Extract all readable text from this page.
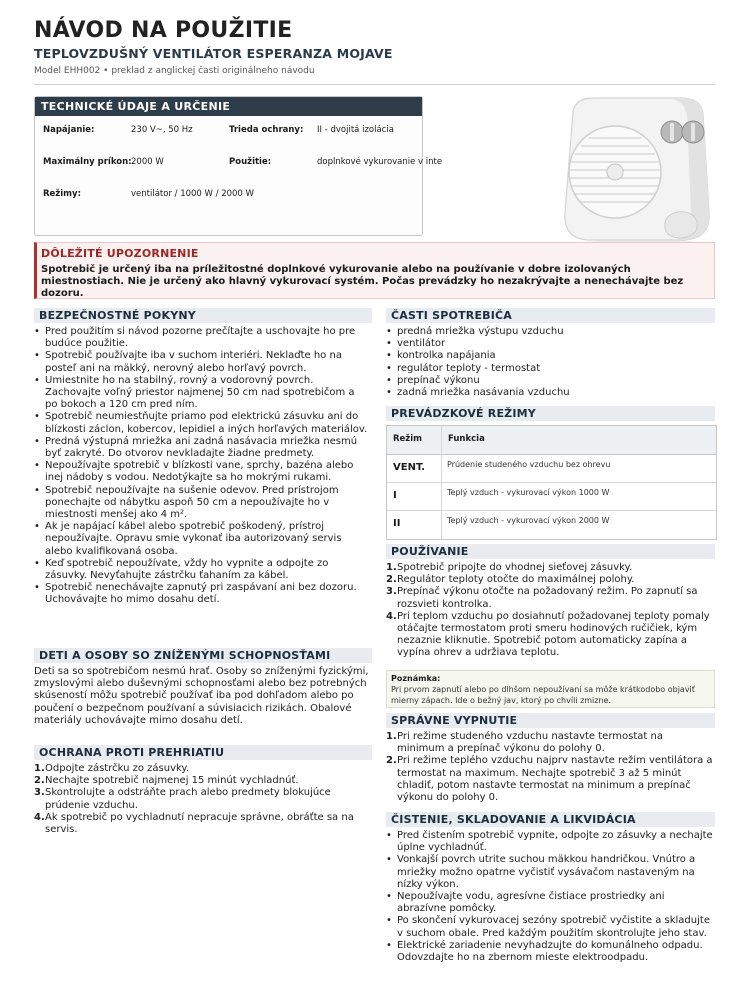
NÁVOD NA POUŽITIE
TEPLOVZDUŠNÝ VENTILÁTOR ESPERANZA MOJAVE
Model EHH002 • preklad z anglickej časti originálneho návodu
TECHNICKÉ ÚDAJE A URČENIE
Napájanie:	230 V~, 50 Hz	Trieda ochrany: II - dvojitá izolácia
Maximálny príkon: 2000 W	Použitie:	doplnkové vykurovanie v inte
Režimy:	ventilátor / 1000 W / 2000 W
DÔLEŽITÉ UPOZORNENIE
Spotrebič je určený iba na príležitostné doplnkové vykurovanie alebo na používanie v dobre izolovaných miestnostiach. Nie je určený ako hlavný vykurovací systém. Počas prevádzky ho nezakrývajte a nenechávajte bez dozoru.
BEZPEČNOSTNÉ POKYNY
• Pred použitím si návod pozorne prečítajte a uschovajte ho pre budúce použitie.
• Spotrebič používajte iba v suchom interiéri. Neklaďte ho na posteľ ani na mäkký, nerovný alebo horľavý povrch.
• Umiestnite ho na stabilný, rovný a vodorovný povrch. Zachovajte voľný priestor najmenej 50 cm nad spotrebičom a po bokoch a 120 cm pred ním.
• Spotrebič neumiestňujte priamo pod elektrickú zásuvku ani do blízkosti záclon, kobercov, lepidiel a iných horľavých materiálov.
• Predná výstupná mriežka ani zadná nasávacia mriežka nesmú byť zakryté. Do otvorov nevkladajte žiadne predmety.
• Nepoužívajte spotrebič v blízkosti vane, sprchy, bazéna alebo inej nádoby s vodou. Nedotýkajte sa ho mokrými rukami.
• Spotrebič nepoužívajte na sušenie odevov. Pred prístrojom ponechajte od nábytku aspoň 50 cm a nepoužívajte ho v miestnosti menšej ako 4 m².
• Ak je napájací kábel alebo spotrebič poškodený, prístroj nepoužívajte. Opravu smie vykonať iba autorizovaný servis alebo kvalifikovaná osoba.
• Keď spotrebič nepoužívate, vždy ho vypnite a odpojte zo zásuvky. Nevyťahujte zástrčku ťahaním za kábel.
• Spotrebič nenechávajte zapnutý pri zaspávaní ani bez dozoru. Uchovávajte ho mimo dosahu detí.
DETI A OSOBY SO ZNÍŽENÝMI SCHOPNOSŤAMI

Deti sa so spotrebičom nesmú hrať. Osoby so zníženými fyzickými, zmyslovými alebo duševnými schopnosťami alebo bez potrebných skúseností môžu spotrebič používať iba pod dohľadom alebo po poučení o bezpečnom používaní a súvisiacich rizikách. Obalové materiály uchovávajte mimo dosahu detí.

OCHRANA PROTI PREHRIATIU
1. Odpojte zástrčku zo zásuvky.
2. Nechajte spotrebič najmenej 15 minút vychladnúť.
3. Skontrolujte a odstráňte prach alebo predmety blokujúce prúdenie vzduchu.
4. Ak spotrebič po vychladnutí nepracuje správne, obráťte sa na servis.
ČASTI SPOTREBIČA
• predná mriežka výstupu vzduchu
• ventilátor
• kontrolka napájania
• regulátor teploty - termostat
• prepínač výkonu
• zadná mriežka nasávania vzduchu
PREVÁDZKOVÉ REŽIMY
Režim	Funkcia
VENT.	Prúdenie studeného vzduchu bez ohrevu
I	Teplý vzduch - vykurovací výkon 1000 W
II	Teplý vzduch - vykurovací výkon 2000 W
POUŽÍVANIE
1. Spotrebič pripojte do vhodnej sieťovej zásuvky.
2. Regulátor teploty otočte do maximálnej polohy.
3. Prepínač výkonu otočte na požadovaný režim. Po zapnutí sa rozsvieti kontrolka.
4. Pri teplom vzduchu po dosiahnutí požadovanej teploty pomaly otáčajte termostatom proti smeru hodinových ručičiek, kým nezaznie kliknutie. Spotrebič potom automaticky zapína a vypína ohrev a udržiava teplotu.
Poznámka:
Pri prvom zapnutí alebo po dlhšom nepoužívaní sa môže krátkodobo objaviť mierny zápach. Ide o bežný jav, ktorý po chvíli zmizne.
SPRÁVNE VYPNUTIE
1. Pri režime studeného vzduchu nastavte termostat na minimum a prepínač výkonu do polohy 0.
2. Pri režime teplého vzduchu najprv nastavte režim ventilátora a termostat na maximum. Nechajte spotrebič 3 až 5 minút chladiť, potom nastavte termostat na minimum a prepínač výkonu do polohy 0.
ČISTENIE, SKLADOVANIE A LIKVIDÁCIA
• Pred čistením spotrebič vypnite, odpojte zo zásuvky a nechajte úplne vychladnúť.
• Vonkajší povrch utrite suchou mäkkou handričkou. Vnútro a mriežky možno opatrne vyčistiť vysávačom nastaveným na nízky výkon.
• Nepoužívajte vodu, agresívne čistiace prostriedky ani abrazívne pomôcky.
• Po skončení vykurovacej sezóny spotrebič vyčistite a skladujte v suchom obale. Pred každým použitím skontrolujte jeho stav.
• Elektrické zariadenie nevyhadzujte do komunálneho odpadu. Odovzdajte ho na zbernom mieste elektroodpadu.
